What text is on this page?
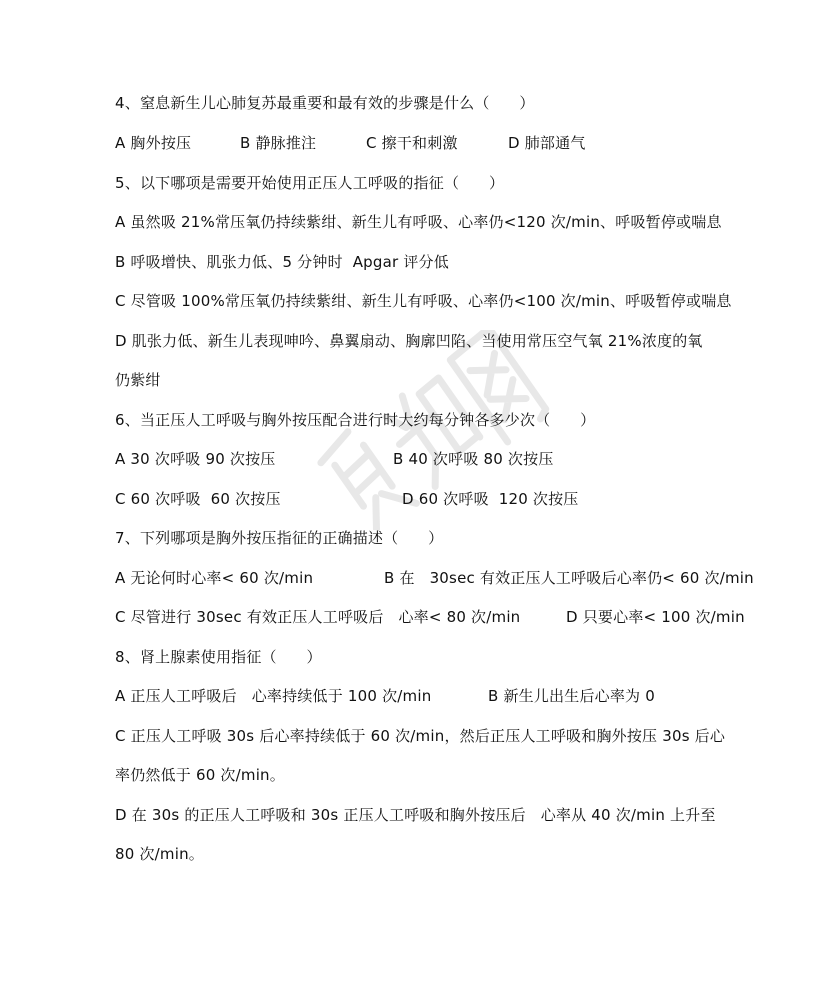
4、窒息新生儿心肺复苏最重要和最有效的步骤是什么（      ）
A 胸外按压	B 静脉推注	C 擦干和刺激	D 肺部通气
5、以下哪项是需要开始使用正压人工呼吸的指征（      ）
A 虽然吸 21%常压氧仍持续紫绀、新生儿有呼吸、心率仍<120 次/min、呼吸暂停或喘息
B 呼吸增快、肌张力低、5 分钟时  Apgar 评分低
C 尽管吸 100%常压氧仍持续紫绀、新生儿有呼吸、心率仍<100 次/min、呼吸暂停或喘息
D 肌张力低、新生儿表现呻吟、鼻翼扇动、胸廓凹陷、当使用常压空气氧 21%浓度的氧
仍紫绀
6、当正压人工呼吸与胸外按压配合进行时大约每分钟各多少次（      ）
A 30 次呼吸 90 次按压	B 40 次呼吸 80 次按压
C 60 次呼吸  60 次按压	D 60 次呼吸  120 次按压
7、下列哪项是胸外按压指征的正确描述（      ）
A 无论何时心率< 60 次/min	B 在   30sec 有效正压人工呼吸后心率仍< 60 次/min
C 尽管进行 30sec 有效正压人工呼吸后   心率< 80 次/min	D 只要心率< 100 次/min
8、肾上腺素使用指征（      ）
A 正压人工呼吸后   心率持续低于 100 次/min	B 新生儿出生后心率为 0
C 正压人工呼吸 30s 后心率持续低于 60 次/min，然后正压人工呼吸和胸外按压 30s 后心
率仍然低于 60 次/min。
D 在 30s 的正压人工呼吸和 30s 正压人工呼吸和胸外按压后   心率从 40 次/min 上升至
80 次/min。
